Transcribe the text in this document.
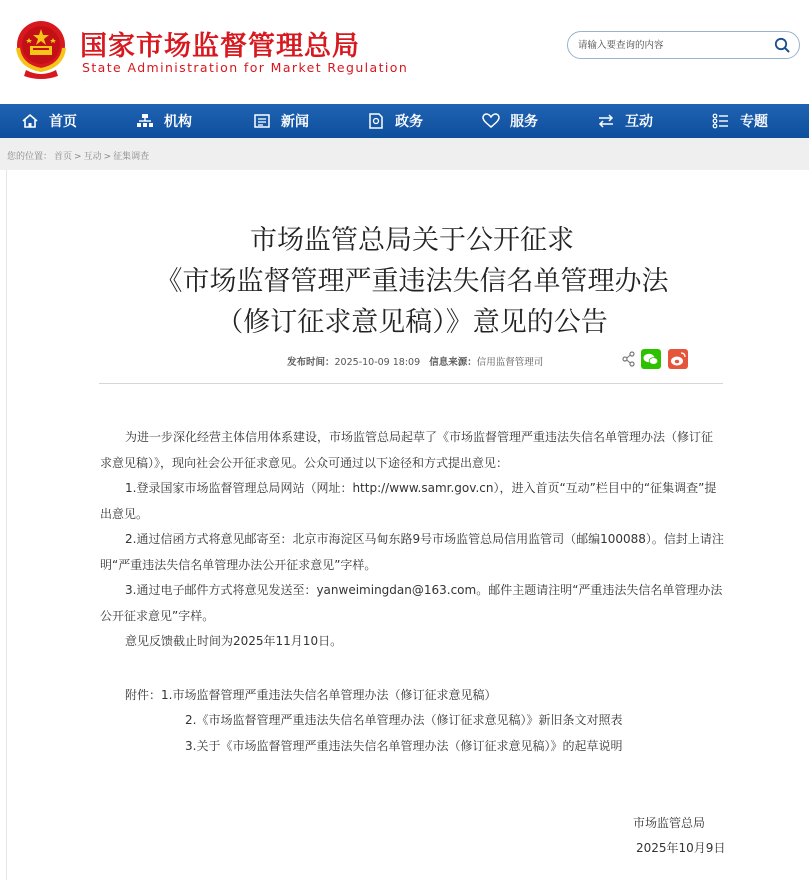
国家市场监督管理总局
State Administration for Market Regulation
请输入要查询的内容
首页	机构	新闻	政务	服务	互动	专题
您的位置： 首页 > 互动 > 征集调查
市场监管总局关于公开征求
《市场监督管理严重违法失信名单管理办法
（修订征求意见稿）》意见的公告
发布时间：2025-10-09 18:09 信息来源：信用监督管理司

为进一步深化经营主体信用体系建设，市场监管总局起草了《市场监督管理严重违法失信名单管理办法（修订征求意见稿）》，现向社会公开征求意见。公众可通过以下途径和方式提出意见：

1.登录国家市场监督管理总局网站（网址：http://www.samr.gov.cn），进入首页“互动”栏目中的“征集调查”提出意见。

2.通过信函方式将意见邮寄至：北京市海淀区马甸东路9号市场监管总局信用监管司（邮编100088）。信封上请注明“严重违法失信名单管理办法公开征求意见”字样。

3.通过电子邮件方式将意见发送至：yanweimingdan@163.com。邮件主题请注明“严重违法失信名单管理办法公开征求意见”字样。

意见反馈截止时间为2025年11月10日。

附件：1.市场监督管理严重违法失信名单管理办法（修订征求意见稿）
2.《市场监督管理严重违法失信名单管理办法（修订征求意见稿）》新旧条文对照表
3.关于《市场监督管理严重违法失信名单管理办法（修订征求意见稿）》的起草说明
市场监管总局
2025年10月9日
